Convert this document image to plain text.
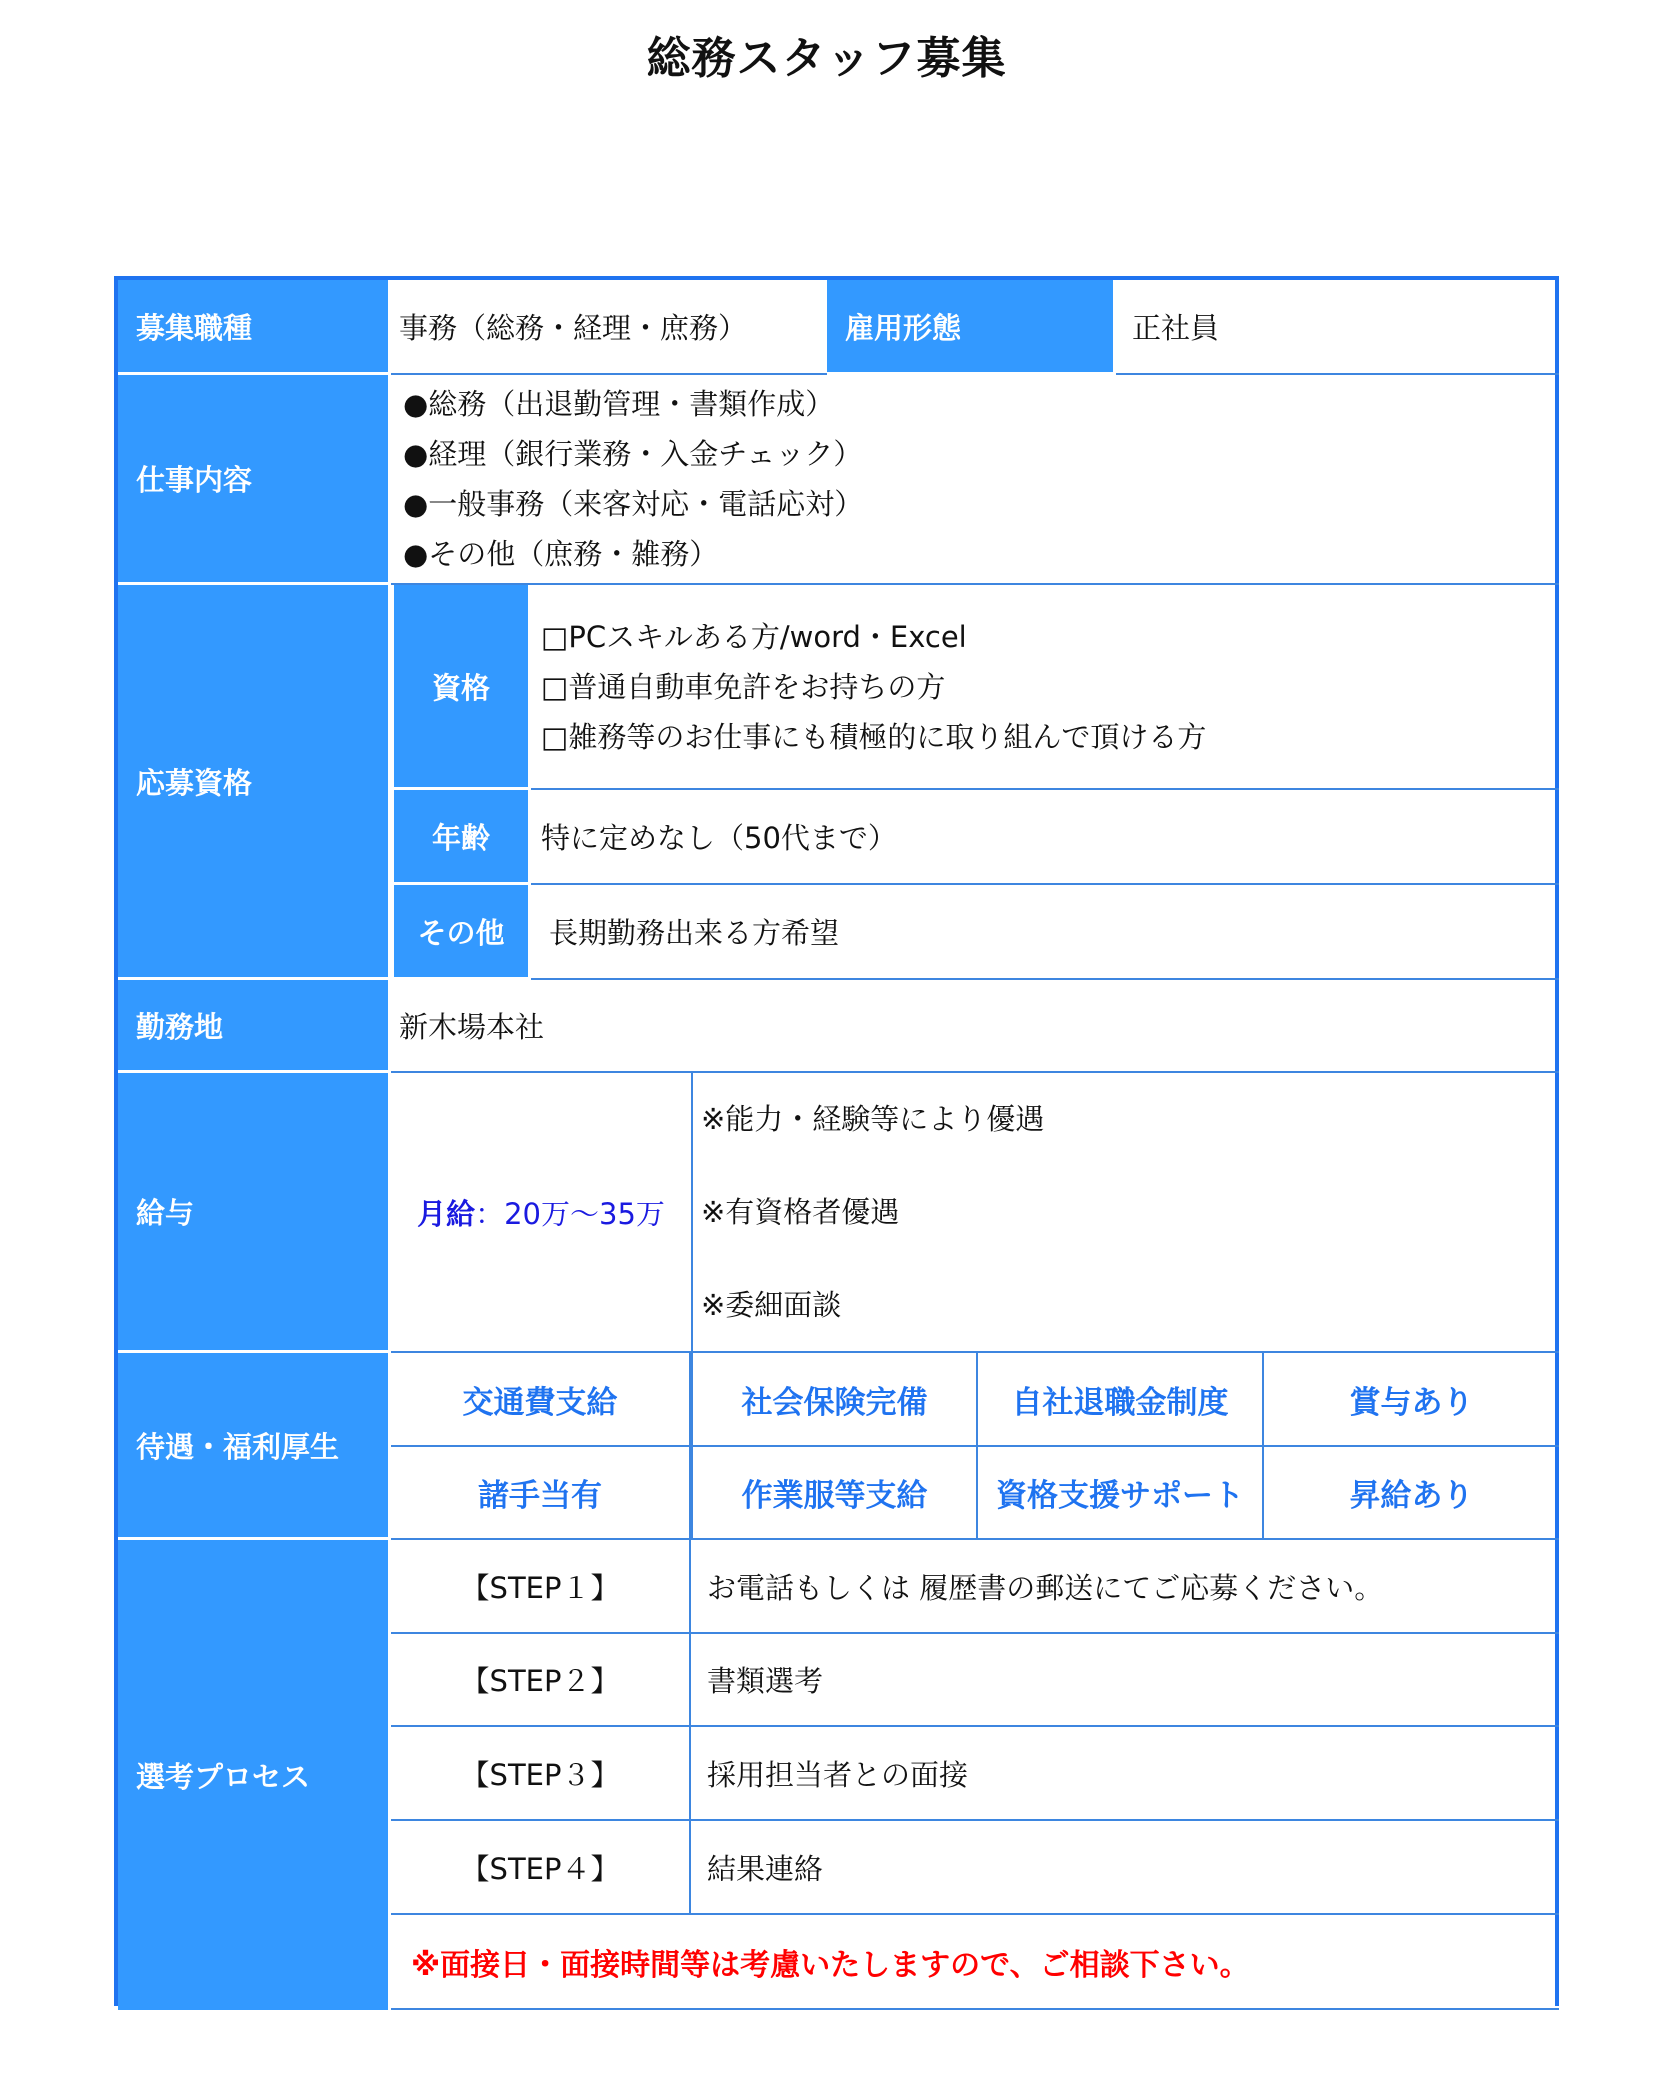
総務スタッフ募集
募集職種	事務（総務・経理・庶務）	雇用形態	正社員
仕事内容
●総務（出退勤管理・書類作成）
●経理（銀行業務・入金チェック）
●一般事務（来客対応・電話応対）
●その他（庶務・雑務）
応募資格
資格
□PCスキルある方/word・Excel
□普通自動車免許をお持ちの方
□雑務等のお仕事にも積極的に取り組んで頂ける方
年齢	特に定めなし（50代まで）
その他	長期勤務出来る方希望
勤務地	新木場本社
給与	月給 ： 20万～35万
※能力・経験等により優遇
※有資格者優遇
※委細面談
待遇・福利厚生
交通費支給	社会保険完備	自社退職金制度	賞与あり
諸手当有	作業服等支給	資格支援サポート	昇給あり
選考プロセス
【STEP１】	お電話もしくは 履歴書の郵送にてご応募ください。
【STEP２】	書類選考
【STEP３】	採用担当者との面接
【STEP４】	結果連絡
※面接日・面接時間等は考慮いたしますので、ご相談下さい。
